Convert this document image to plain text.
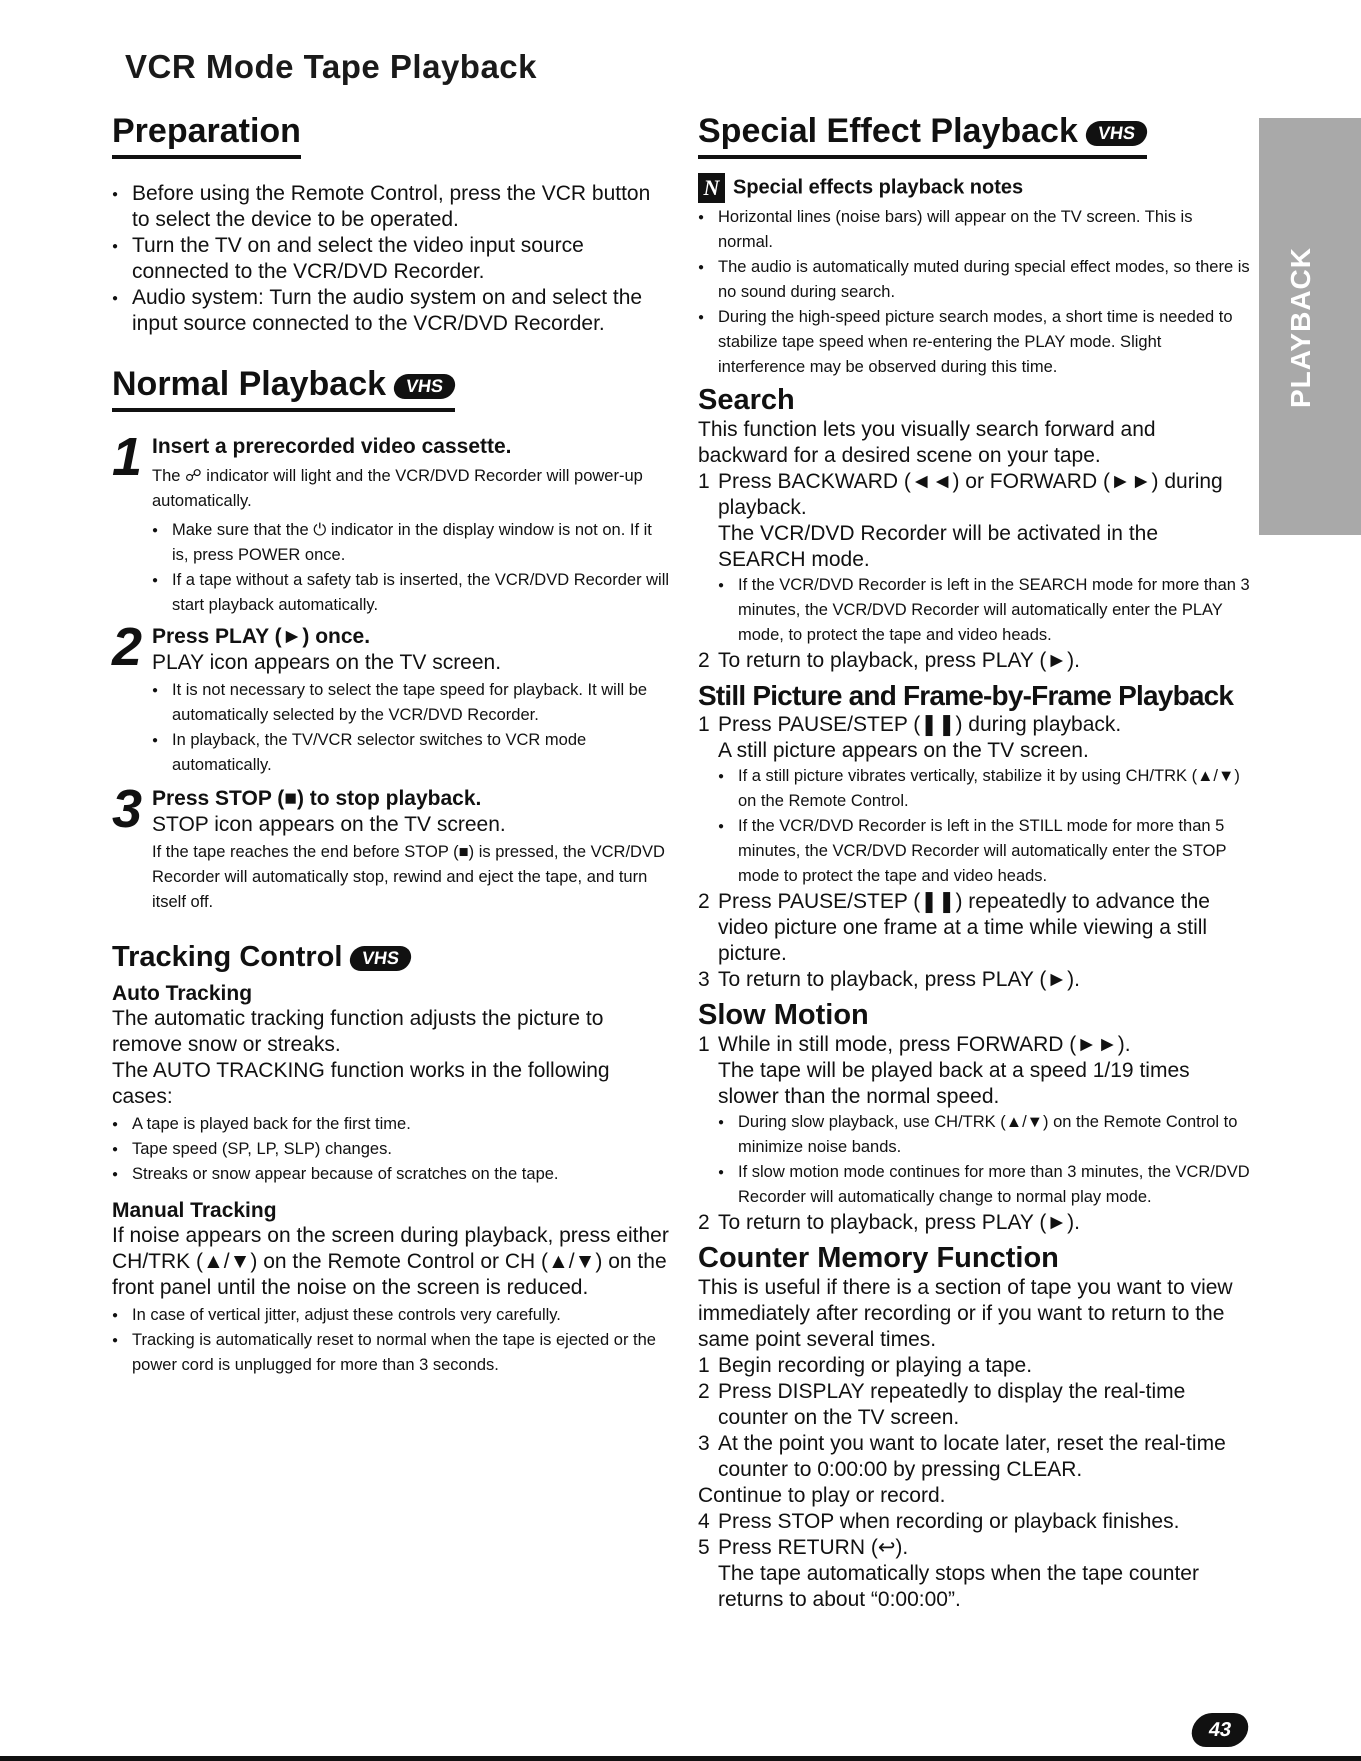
VCR Mode Tape Playback
PLAYBACK
Preparation
● Before using the Remote Control, press the VCR button to select the device to be operated.
● Turn the TV on and select the video input source connected to the VCR/DVD Recorder.
● Audio system: Turn the audio system on and select the input source connected to the VCR/DVD Recorder.
Normal Playback VHS
1 Insert a prerecorded video cassette.

The ☍ indicator will light and the VCR/DVD Recorder will power-up automatically.

● Make sure that the ⏻ indicator in the display window is not on. If it is, press POWER once.
● If a tape without a safety tab is inserted, the VCR/DVD Recorder will start playback automatically.
2 Press PLAY (►) once.

PLAY icon appears on the TV screen.

● It is not necessary to select the tape speed for playback. It will be automatically selected by the VCR/DVD Recorder.
● In playback, the TV/VCR selector switches to VCR mode automatically.
3 Press STOP (■) to stop playback.

STOP icon appears on the TV screen.

If the tape reaches the end before STOP (■) is pressed, the VCR/DVD Recorder will automatically stop, rewind and eject the tape, and turn itself off.

Tracking Control VHS
Auto Tracking

The automatic tracking function adjusts the picture to remove snow or streaks.

The AUTO TRACKING function works in the following cases:

● A tape is played back for the first time.
● Tape speed (SP, LP, SLP) changes.
● Streaks or snow appear because of scratches on the tape.
Manual Tracking

If noise appears on the screen during playback, press either CH/TRK (▲/▼) on the Remote Control or CH (▲/▼) on the front panel until the noise on the screen is reduced.

● In case of vertical jitter, adjust these controls very carefully.
● Tracking is automatically reset to normal when the tape is ejected or the power cord is unplugged for more than 3 seconds.
Special Effect Playback VHS
N Special effects playback notes
● Horizontal lines (noise bars) will appear on the TV screen. This is normal.
● The audio is automatically muted during special effect modes, so there is no sound during search.
● During the high-speed picture search modes, a short time is needed to stabilize tape speed when re-entering the PLAY mode. Slight interference may be observed during this time.
Search

This function lets you visually search forward and backward for a desired scene on your tape.

1 Press BACKWARD (◄◄) or FORWARD (►►) during playback.

The VCR/DVD Recorder will be activated in the SEARCH mode.

● If the VCR/DVD Recorder is left in the SEARCH mode for more than 3 minutes, the VCR/DVD Recorder will automatically enter the PLAY mode, to protect the tape and video heads.
2 To return to playback, press PLAY (►).
Still Picture and Frame-by-Frame Playback
1 Press PAUSE/STEP (❚❚) during playback.

A still picture appears on the TV screen.

● If a still picture vibrates vertically, stabilize it by using CH/TRK (▲/▼) on the Remote Control.
● If the VCR/DVD Recorder is left in the STILL mode for more than 5 minutes, the VCR/DVD Recorder will automatically enter the STOP mode to protect the tape and video heads.
2 Press PAUSE/STEP (❚❚) repeatedly to advance the video picture one frame at a time while viewing a still picture.
3 To return to playback, press PLAY (►).
Slow Motion
1 While in still mode, press FORWARD (►►).

The tape will be played back at a speed 1/19 times slower than the normal speed.

● During slow playback, use CH/TRK (▲/▼) on the Remote Control to minimize noise bands.
● If slow motion mode continues for more than 3 minutes, the VCR/DVD Recorder will automatically change to normal play mode.
2 To return to playback, press PLAY (►).
Counter Memory Function

This is useful if there is a section of tape you want to view immediately after recording or if you want to return to the same point several times.

1 Begin recording or playing a tape.
2 Press DISPLAY repeatedly to display the real-time counter on the TV screen.
3 At the point you want to locate later, reset the real-time counter to 0:00:00 by pressing CLEAR.

Continue to play or record.

4 Press STOP when recording or playback finishes.
5 Press RETURN (↩).

The tape automatically stops when the tape counter returns to about “0:00:00”.

43
